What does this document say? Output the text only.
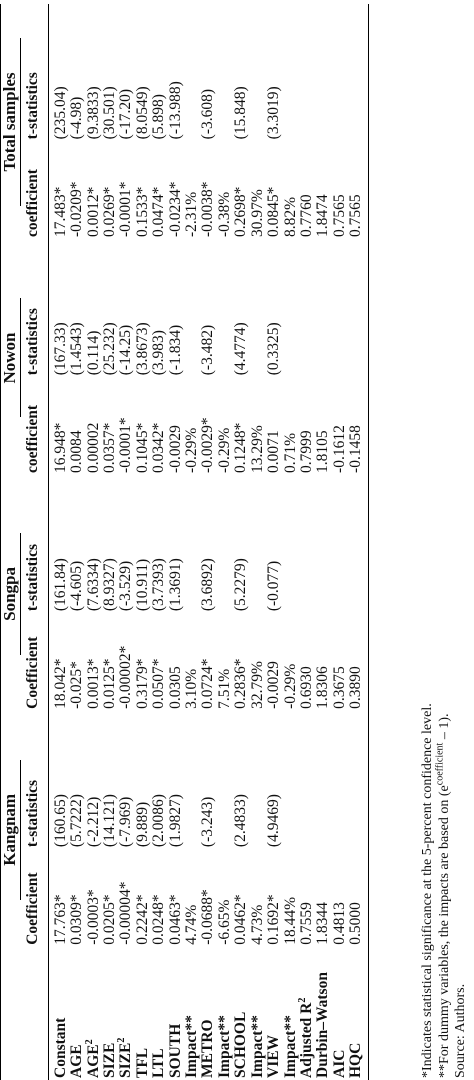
	Kangnam		Songpa		Nowon		Total samples	
	Coefficient	t-statistics	Coefficient	t-statistics	coefficient	t-statistics	coefficient	t-statistics
Constant	17.763*	(160.65)	18.042*	(161.84)	16.948*	(167.33)	17.483*	(235.04)
AGE	0.0309*	(5.7222)	-0.025*	(-4.605)	0.0084	(1.4543)	-0.0209*	(-4.98)
AGE$^2$	-0.0003*	(-2.212)	0.0013*	(7.6334)	0.00002	(0.114)	0.0012*	(9.3833)
SIZE	0.0205*	(14.121)	0.0125*	(8.9327)	0.0357*	(25.232)	0.0269*	(30.501)
SIZE$^2$	-0.00004*	(-7.969)	-0.00002*	(-3.529)	-0.0001*	(-14.25)	-0.0001*	(-17.20)
TFL	0.2242*	(9.889)	0.3179*	(10.911)	0.1045*	(3.8673)	0.1533*	(8.0549)
LTL	0.0248*	(2.0086)	0.0507*	(3.7393)	0.0342*	(3.983)	0.0474*	(5.898)
SOUTH	0.0463*	(1.9827)	0.0305	(1.3691)	-0.0029	(-1.834)	-0.0234*	(-13.988)
Impact**	4.74%		3.10%		-0.29%		-2.31%	
METRO	-0.0688*	(-3.243)	0.0724*	(3.6892)	-0.0029*	(-3.482)	-0.0038*	(-3.608)
Impact**	-6.65%		7.51%		-0.29%		-0.38%	
SCHOOL	0.0462*	(2.4833)	0.2836*	(5.2279)	0.1248*	(4.4774)	0.2698*	(15.848)
Impact**	4.73%		32.79%		13.29%		30.97%	
VIEW	0.1692*	(4.9469)	-0.0029	(-0.077)	0.0071	(0.3325)	0.0845*	(3.3019)
Impact**	18.44%		-0.29%		0.71%		8.82%	
Adjusted $R^2$	0.7559		0.6930		0.7999		0.7760	
Durbin–Watson	1.8344		1.8306		1.8105		1.8474	
AIC	0.4813		0.3675		-0.1612		0.7565	
HQC	0.5000		0.3890		-0.1458		0.7565	
*Indicates statistical significance at the 5-percent confidence level. **For dummy variables, the impacts are based on $(e^{coefficient} - 1)$.
Source: Authors.
